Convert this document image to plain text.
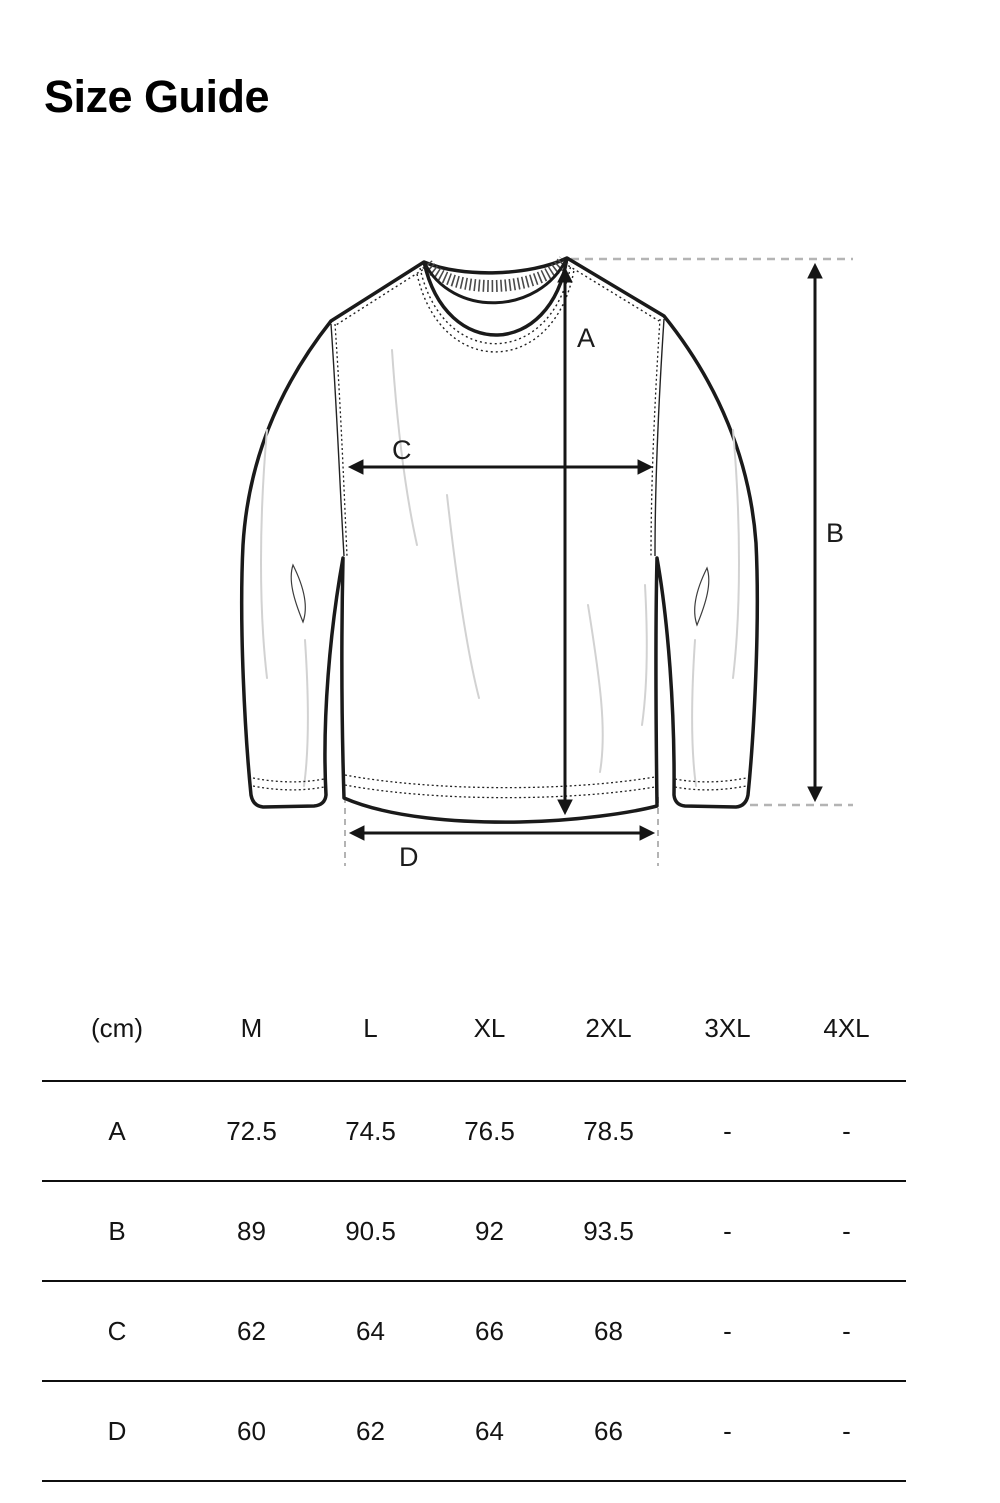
Size Guide
A
B
C
D
(cm)	M	L	XL	2XL	3XL	4XL
A	72.5	74.5	76.5	78.5	-	-
B	89	90.5	92	93.5	-	-
C	62	64	66	68	-	-
D	60	62	64	66	-	-
